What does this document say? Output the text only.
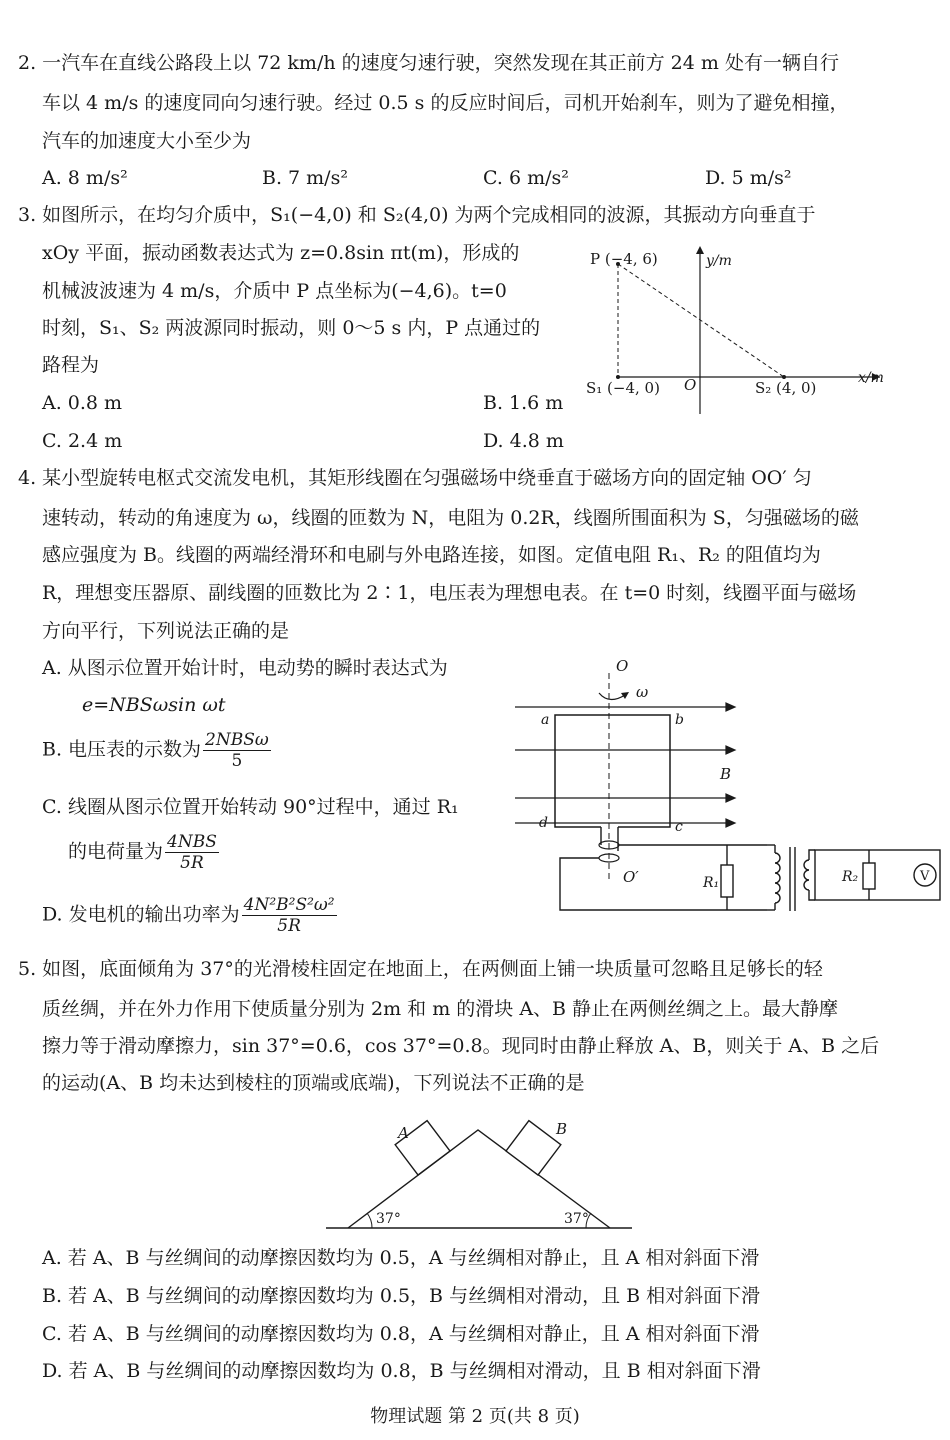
2. 一汽车在直线公路段上以 72 km/h 的速度匀速行驶，突然发现在其正前方 24 m 处有一辆自行
车以 4 m/s 的速度同向匀速行驶。经过 0.5 s 的反应时间后，司机开始刹车，则为了避免相撞，
汽车的加速度大小至少为
A. 8 m/s²	B. 7 m/s²	C. 6 m/s²	D. 5 m/s²
3. 如图所示，在均匀介质中，S₁(−4,0) 和 S₂(4,0) 为两个完成相同的波源，其振动方向垂直于
xOy 平面，振动函数表达式为 z=0.8sin πt(m)，形成的
机械波波速为 4 m/s，介质中 P 点坐标为(−4,6)。t=0
时刻，S₁、S₂ 两波源同时振动，则 0～5 s 内，P 点通过的
路程为
A. 0.8 m	B. 1.6 m
C. 2.4 m	D. 4.8 m
P (−4, 6)	y/m
x/m
S₁ (−4, 0)	S₂ (4, 0)
O
4. 某小型旋转电枢式交流发电机，其矩形线圈在匀强磁场中绕垂直于磁场方向的固定轴 OO′ 匀
速转动，转动的角速度为 ω，线圈的匝数为 N，电阻为 0.2R，线圈所围面积为 S，匀强磁场的磁
感应强度为 B。线圈的两端经滑环和电刷与外电路连接，如图。定值电阻 R₁、R₂ 的阻值均为
R，理想变压器原、副线圈的匝数比为 2∶1，电压表为理想电表。在 t=0 时刻，线圈平面与磁场
方向平行，下列说法正确的是
A. 从图示位置开始计时，电动势的瞬时表达式为
e=NBSωsin ωt
B. 电压表的示数为 $\frac{\text{2NBSω}}{5}$
C. 线圈从图示位置开始转动 90°过程中，通过 R₁
的电荷量为 $\frac{\text{4NBS}}{5R}$
D. 发电机的输出功率为 $\frac{\text{4N²B²S²ω²}}{5R}$
O
ω
B
a	b
c
d
O′	R₁	R₂	V
5. 如图，底面倾角为 37°的光滑棱柱固定在地面上，在两侧面上铺一块质量可忽略且足够长的轻
质丝绸，并在外力作用下使质量分别为 2m 和 m 的滑块 A、B 静止在两侧丝绸之上。最大静摩
擦力等于滑动摩擦力，sin 37°=0.6，cos 37°=0.8。现同时由静止释放 A、B，则关于 A、B 之后
的运动(A、B 均未达到棱柱的顶端或底端)，下列说法不正确的是
A	B
37°	37°
A. 若 A、B 与丝绸间的动摩擦因数均为 0.5，A 与丝绸相对静止，且 A 相对斜面下滑
B. 若 A、B 与丝绸间的动摩擦因数均为 0.5，B 与丝绸相对滑动，且 B 相对斜面下滑
C. 若 A、B 与丝绸间的动摩擦因数均为 0.8，A 与丝绸相对静止，且 A 相对斜面下滑
D. 若 A、B 与丝绸间的动摩擦因数均为 0.8，B 与丝绸相对滑动，且 B 相对斜面下滑
物理试题 第 2 页(共 8 页)
